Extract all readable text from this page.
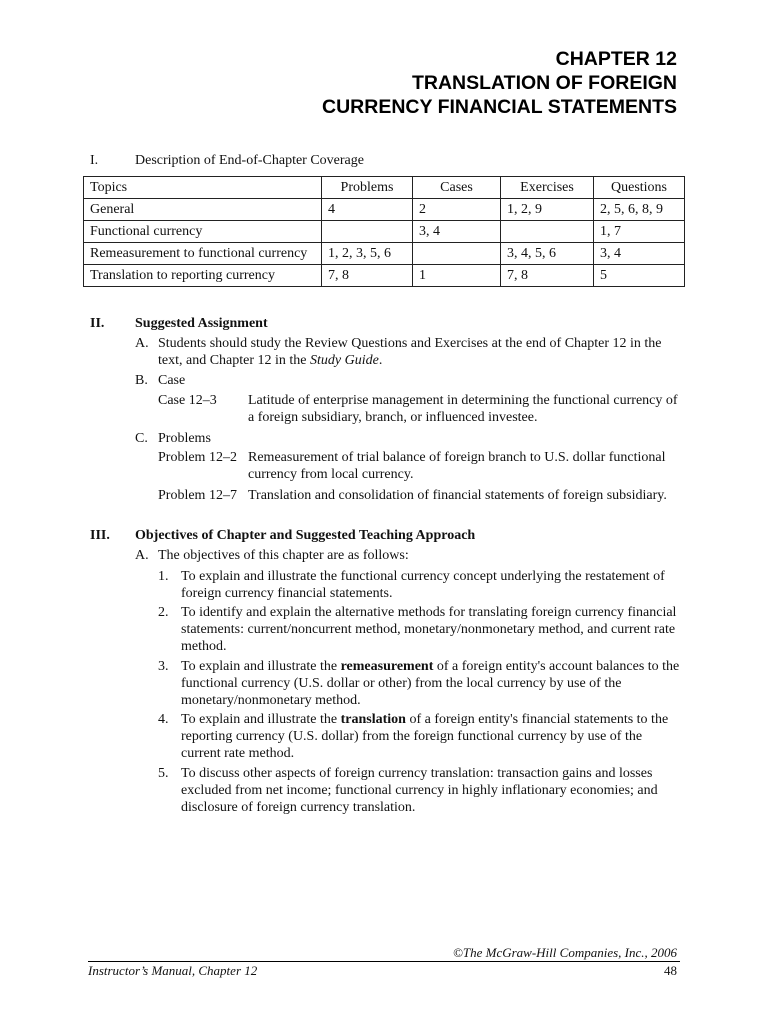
CHAPTER 12
TRANSLATION OF FOREIGN
CURRENCY FINANCIAL STATEMENTS
I.	Description of End-of-Chapter Coverage
Topics	Problems	Cases	Exercises	Questions
General	4	2	1, 2, 9	2, 5, 6, 8, 9
Functional currency		3, 4		1, 7
Remeasurement to functional currency	1, 2, 3, 5, 6		3, 4, 5, 6	3, 4
Translation to reporting currency	7, 8	1	7, 8	5
II. Suggested Assignment
A. Students should study the Review Questions and Exercises at the end of Chapter 12 in the text, and Chapter 12 in the Study Guide.
B. Case
Case 12–3 Latitude of enterprise management in determining the functional currency of a foreign subsidiary, branch, or influenced investee.
C. Problems
Problem 12–2 Remeasurement of trial balance of foreign branch to U.S. dollar functional currency from local currency.
Problem 12–7 Translation and consolidation of financial statements of foreign subsidiary.
III. Objectives of Chapter and Suggested Teaching Approach
A. The objectives of this chapter are as follows:
1. To explain and illustrate the functional currency concept underlying the restatement of foreign currency financial statements.
2. To identify and explain the alternative methods for translating foreign currency financial statements: current/noncurrent method, monetary/nonmonetary method, and current rate method.
3. To explain and illustrate the remeasurement of a foreign entity's account balances to the functional currency (U.S. dollar or other) from the local currency by use of the monetary/nonmonetary method.
4. To explain and illustrate the translation of a foreign entity's financial statements to the reporting currency (U.S. dollar) from the foreign functional currency by use of the current rate method.
5. To discuss other aspects of foreign currency translation: transaction gains and losses excluded from net income; functional currency in highly inflationary economies; and disclosure of foreign currency translation.
©The McGraw-Hill Companies, Inc., 2006
Instructor’s Manual, Chapter 12	48
